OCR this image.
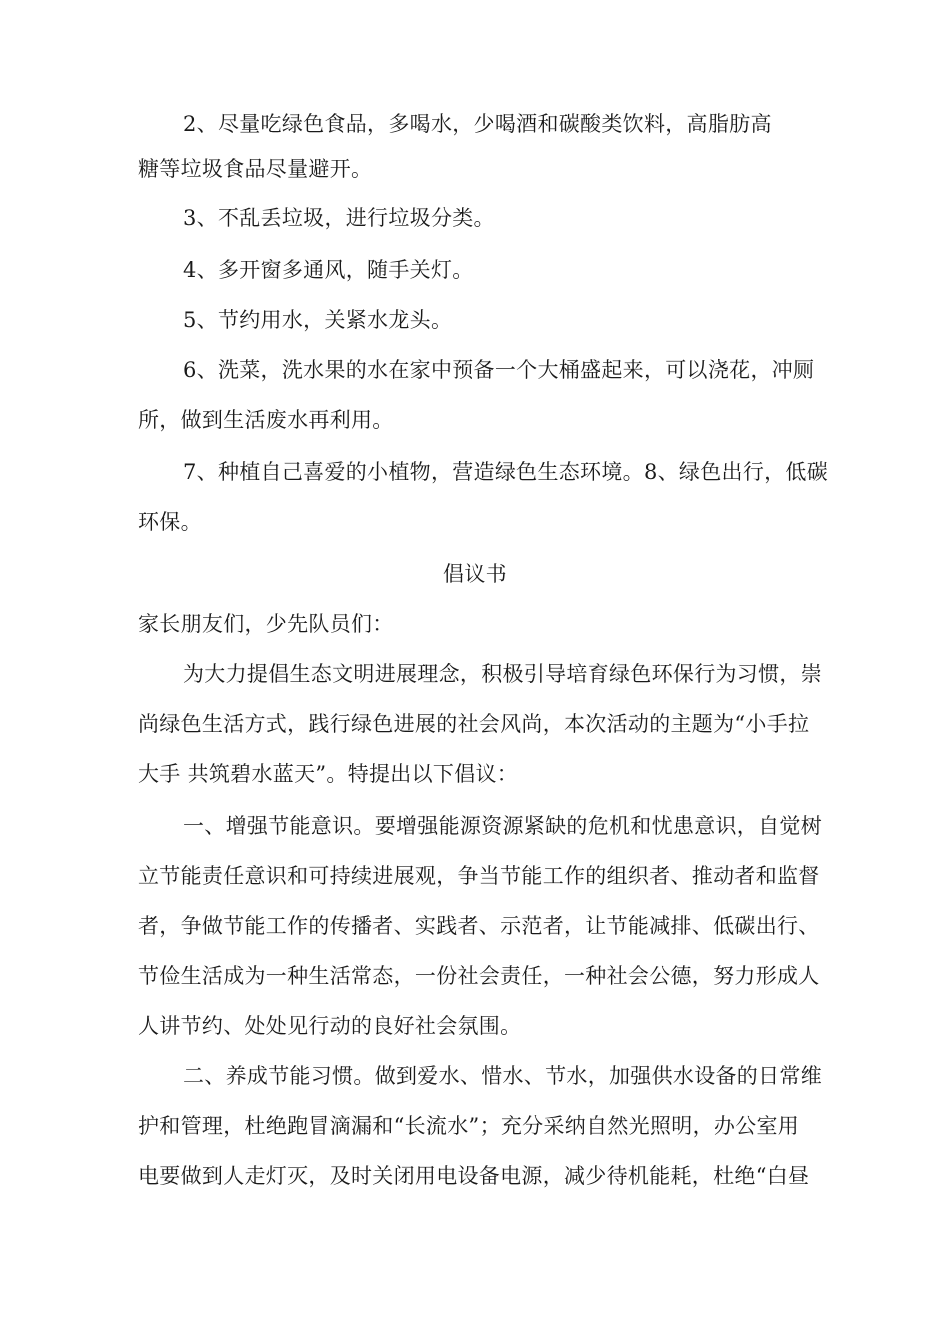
2、尽量吃绿色食品，多喝水，少喝酒和碳酸类饮料，高脂肪高
糖等垃圾食品尽量避开。
3、不乱丢垃圾，进行垃圾分类。
4、多开窗多通风，随手关灯。
5、节约用水，关紧水龙头。
6、洗菜，洗水果的水在家中预备一个大桶盛起来，可以浇花，冲厕
所，做到生活废水再利用。
7、种植自己喜爱的小植物，营造绿色生态环境。8、绿色出行，低碳
环保。
倡议书
家长朋友们，少先队员们：
为大力提倡生态文明进展理念，积极引导培育绿色环保行为习惯，崇
尚绿色生活方式，践行绿色进展的社会风尚，本次活动的主题为“小手拉
大手 共筑碧水蓝天”。特提出以下倡议：
一、增强节能意识。要增强能源资源紧缺的危机和忧患意识，自觉树
立节能责任意识和可持续进展观，争当节能工作的组织者、推动者和监督
者，争做节能工作的传播者、实践者、示范者，让节能减排、低碳出行、
节俭生活成为一种生活常态，一份社会责任，一种社会公德，努力形成人
人讲节约、处处见行动的良好社会氛围。
二、养成节能习惯。做到爱水、惜水、节水，加强供水设备的日常维
护和管理，杜绝跑冒滴漏和“长流水”；充分采纳自然光照明，办公室用
电要做到人走灯灭，及时关闭用电设备电源，减少待机能耗，杜绝“白昼
